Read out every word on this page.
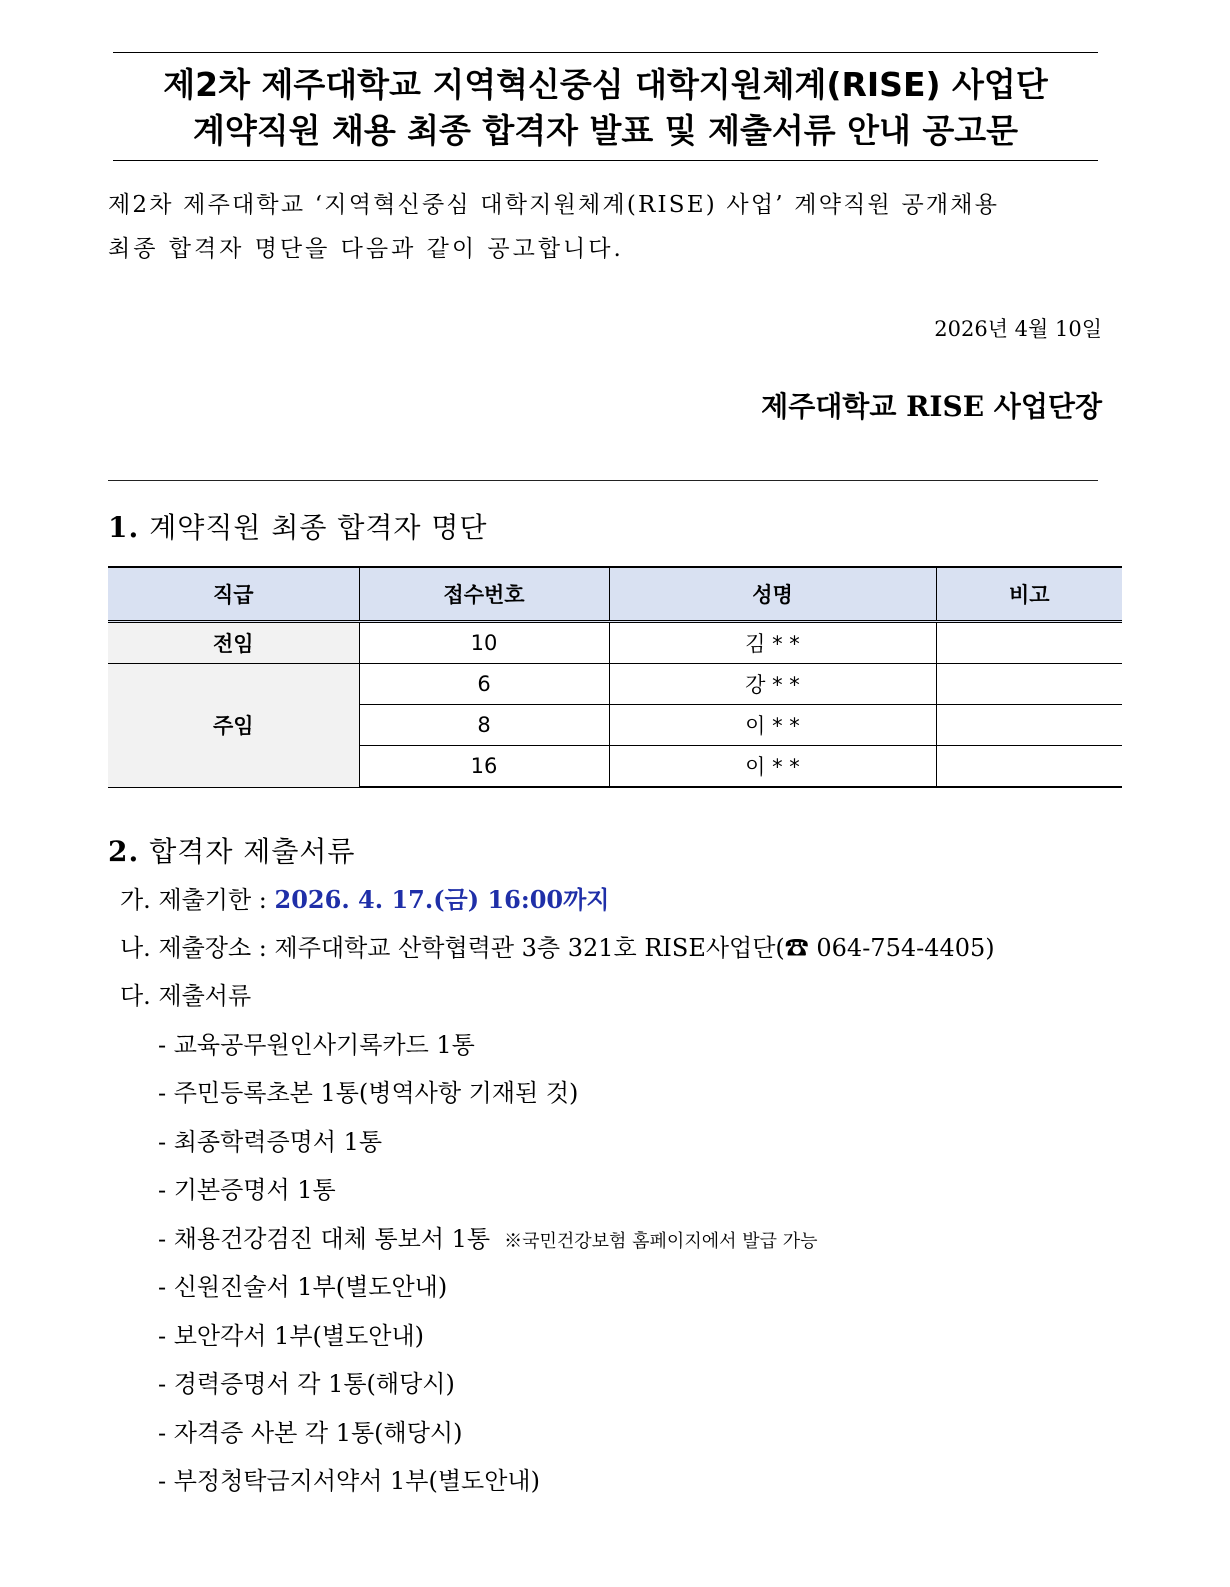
제2차 제주대학교 지역혁신중심 대학지원체계(RISE) 사업단
계약직원 채용 최종 합격자 발표 및 제출서류 안내 공고문
제2차 제주대학교 ‘지역혁신중심 대학지원체계(RISE) 사업’ 계약직원 공개채용
최종 합격자 명단을 다음과 같이 공고합니다.
2026년 4월 10일
제주대학교 RISE 사업단장
1. 계약직원 최종 합격자 명단
직급	접수번호	성명	비고
전임	10	김 * *	
주임	6	강 * *	
	8	이 * *	
	16	이 * *	
2. 합격자 제출서류
가. 제출기한 : 2026. 4. 17.(금) 16:00까지
나. 제출장소 : 제주대학교 산학협력관 3층 321호 RISE사업단(☎ 064-754-4405)
다. 제출서류
- 교육공무원인사기록카드 1통
- 주민등록초본 1통(병역사항 기재된 것)
- 최종학력증명서 1통
- 기본증명서 1통
- 채용건강검진 대체 통보서 1통 ※국민건강보험 홈페이지에서 발급 가능
- 신원진술서 1부(별도안내)
- 보안각서 1부(별도안내)
- 경력증명서 각 1통(해당시)
- 자격증 사본 각 1통(해당시)
- 부정청탁금지서약서 1부(별도안내)
